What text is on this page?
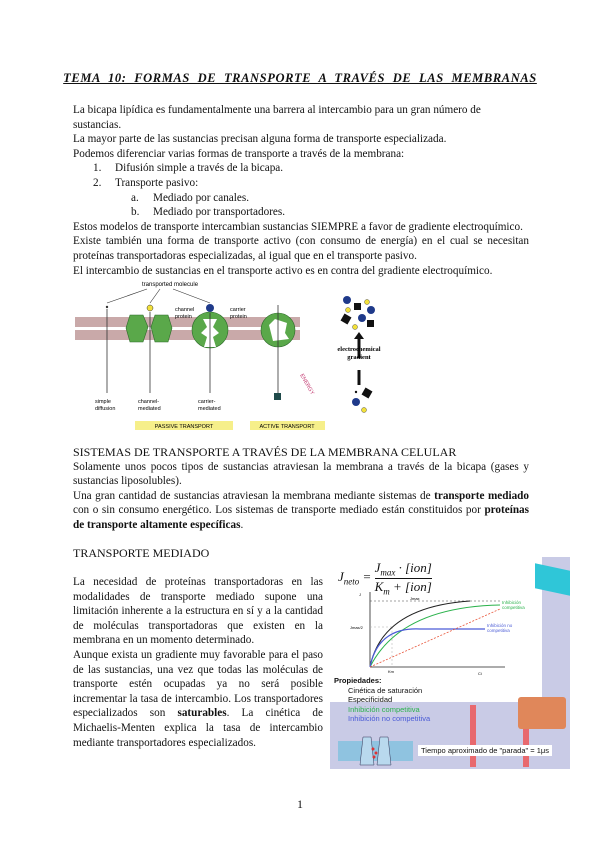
TEMA 10: FORMAS DE TRANSPORTE A TRAVÉS DE LAS MEMBRANAS
La bicapa lipídica es fundamentalmente una barrera al intercambio para un gran número de sustancias.
La mayor parte de las sustancias precisan alguna forma de transporte especializada.
Podemos diferenciar varias formas de transporte a través de la membrana:
1. Difusión simple a través de la bicapa.
2. Transporte pasivo:
a. Mediado por canales.
b. Mediado por transportadores.
Estos modelos de transporte intercambian sustancias SIEMPRE a favor de gradiente electroquímico.
Existe también una forma de transporte activo (con consumo de energía) en el cual se necesitan proteínas transportadoras especializadas, al igual que en el transporte pasivo.
El intercambio de sustancias en el transporte activo es en contra del gradiente electroquímico.
transported molecule
channel
protein
carrier
protein
ENERGY
simple
diffusion
channel-
mediated
carrier-
mediated
PASSIVE TRANSPORT	ACTIVE TRANSPORT
electrochemical
gradient
SISTEMAS DE TRANSPORTE A TRAVÉS DE LA MEMBRANA CELULAR
Solamente unos pocos tipos de sustancias atraviesan la membrana a través de la bicapa (gases y sustancias liposolubles).
Una gran cantidad de sustancias atraviesan la membrana mediante sistemas de transporte mediado con o sin consumo energético. Los sistemas de transporte mediado están constituidos por proteínas de transporte altamente específicas.
TRANSPORTE MEDIADO
La necesidad de proteínas transportadoras en las modalidades de transporte mediado supone una limitación inherente a la estructura en sí y a la cantidad de moléculas transportadoras que existen en la membrana en un momento determinado.
Aunque exista un gradiente muy favorable para el paso de las sustancias, una vez que todas las moléculas de transporte estén ocupadas ya no será posible incrementar la tasa de intercambio. Los transportadores especializados son saturables. La cinética de Michaelis-Menten explica la tasa de intercambio mediante transportadores especializados.
$J_{neto}$ =
$J_{max} \cdot [ion]$
$K_m + [ion]$
J
Jmax
Jmax/2
Km	Ci
Inhibición
competitiva
Inhibición no
competitiva
Propiedades:
Cinética de saturación
Especificidad
Inhibición competitiva
Inhibición no competitiva
Tiempo aproximado de "parada" = 1μs
1
